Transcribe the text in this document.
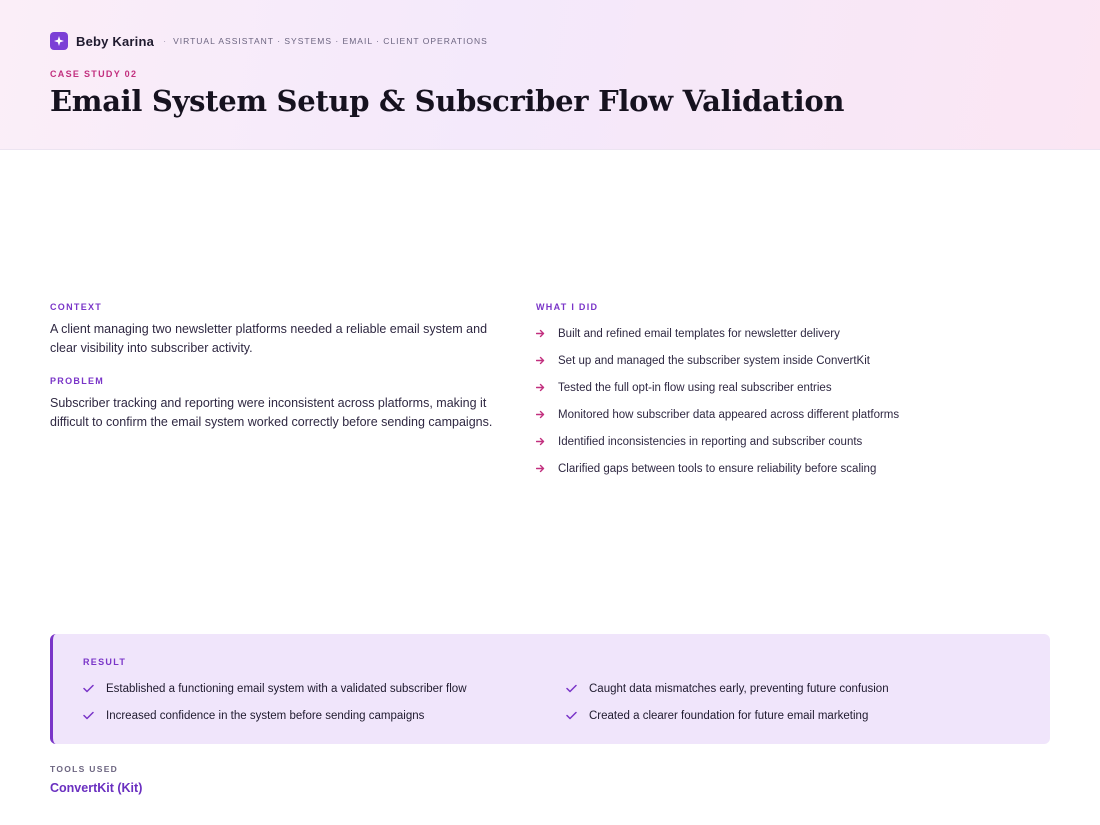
Beby Karina · VIRTUAL ASSISTANT · SYSTEMS · EMAIL · CLIENT OPERATIONS
CASE STUDY 02
Email System Setup & Subscriber Flow Validation
CONTEXT
A client managing two newsletter platforms needed a reliable email system and clear visibility into subscriber activity.
PROBLEM
Subscriber tracking and reporting were inconsistent across platforms, making it difficult to confirm the email system worked correctly before sending campaigns.
WHAT I DID
Built and refined email templates for newsletter delivery
Set up and managed the subscriber system inside ConvertKit
Tested the full opt-in flow using real subscriber entries
Monitored how subscriber data appeared across different platforms
Identified inconsistencies in reporting and subscriber counts
Clarified gaps between tools to ensure reliability before scaling
RESULT
Established a functioning email system with a validated subscriber flow	Caught data mismatches early, preventing future confusion
Increased confidence in the system before sending campaigns	Created a clearer foundation for future email marketing
TOOLS USED
ConvertKit (Kit)
